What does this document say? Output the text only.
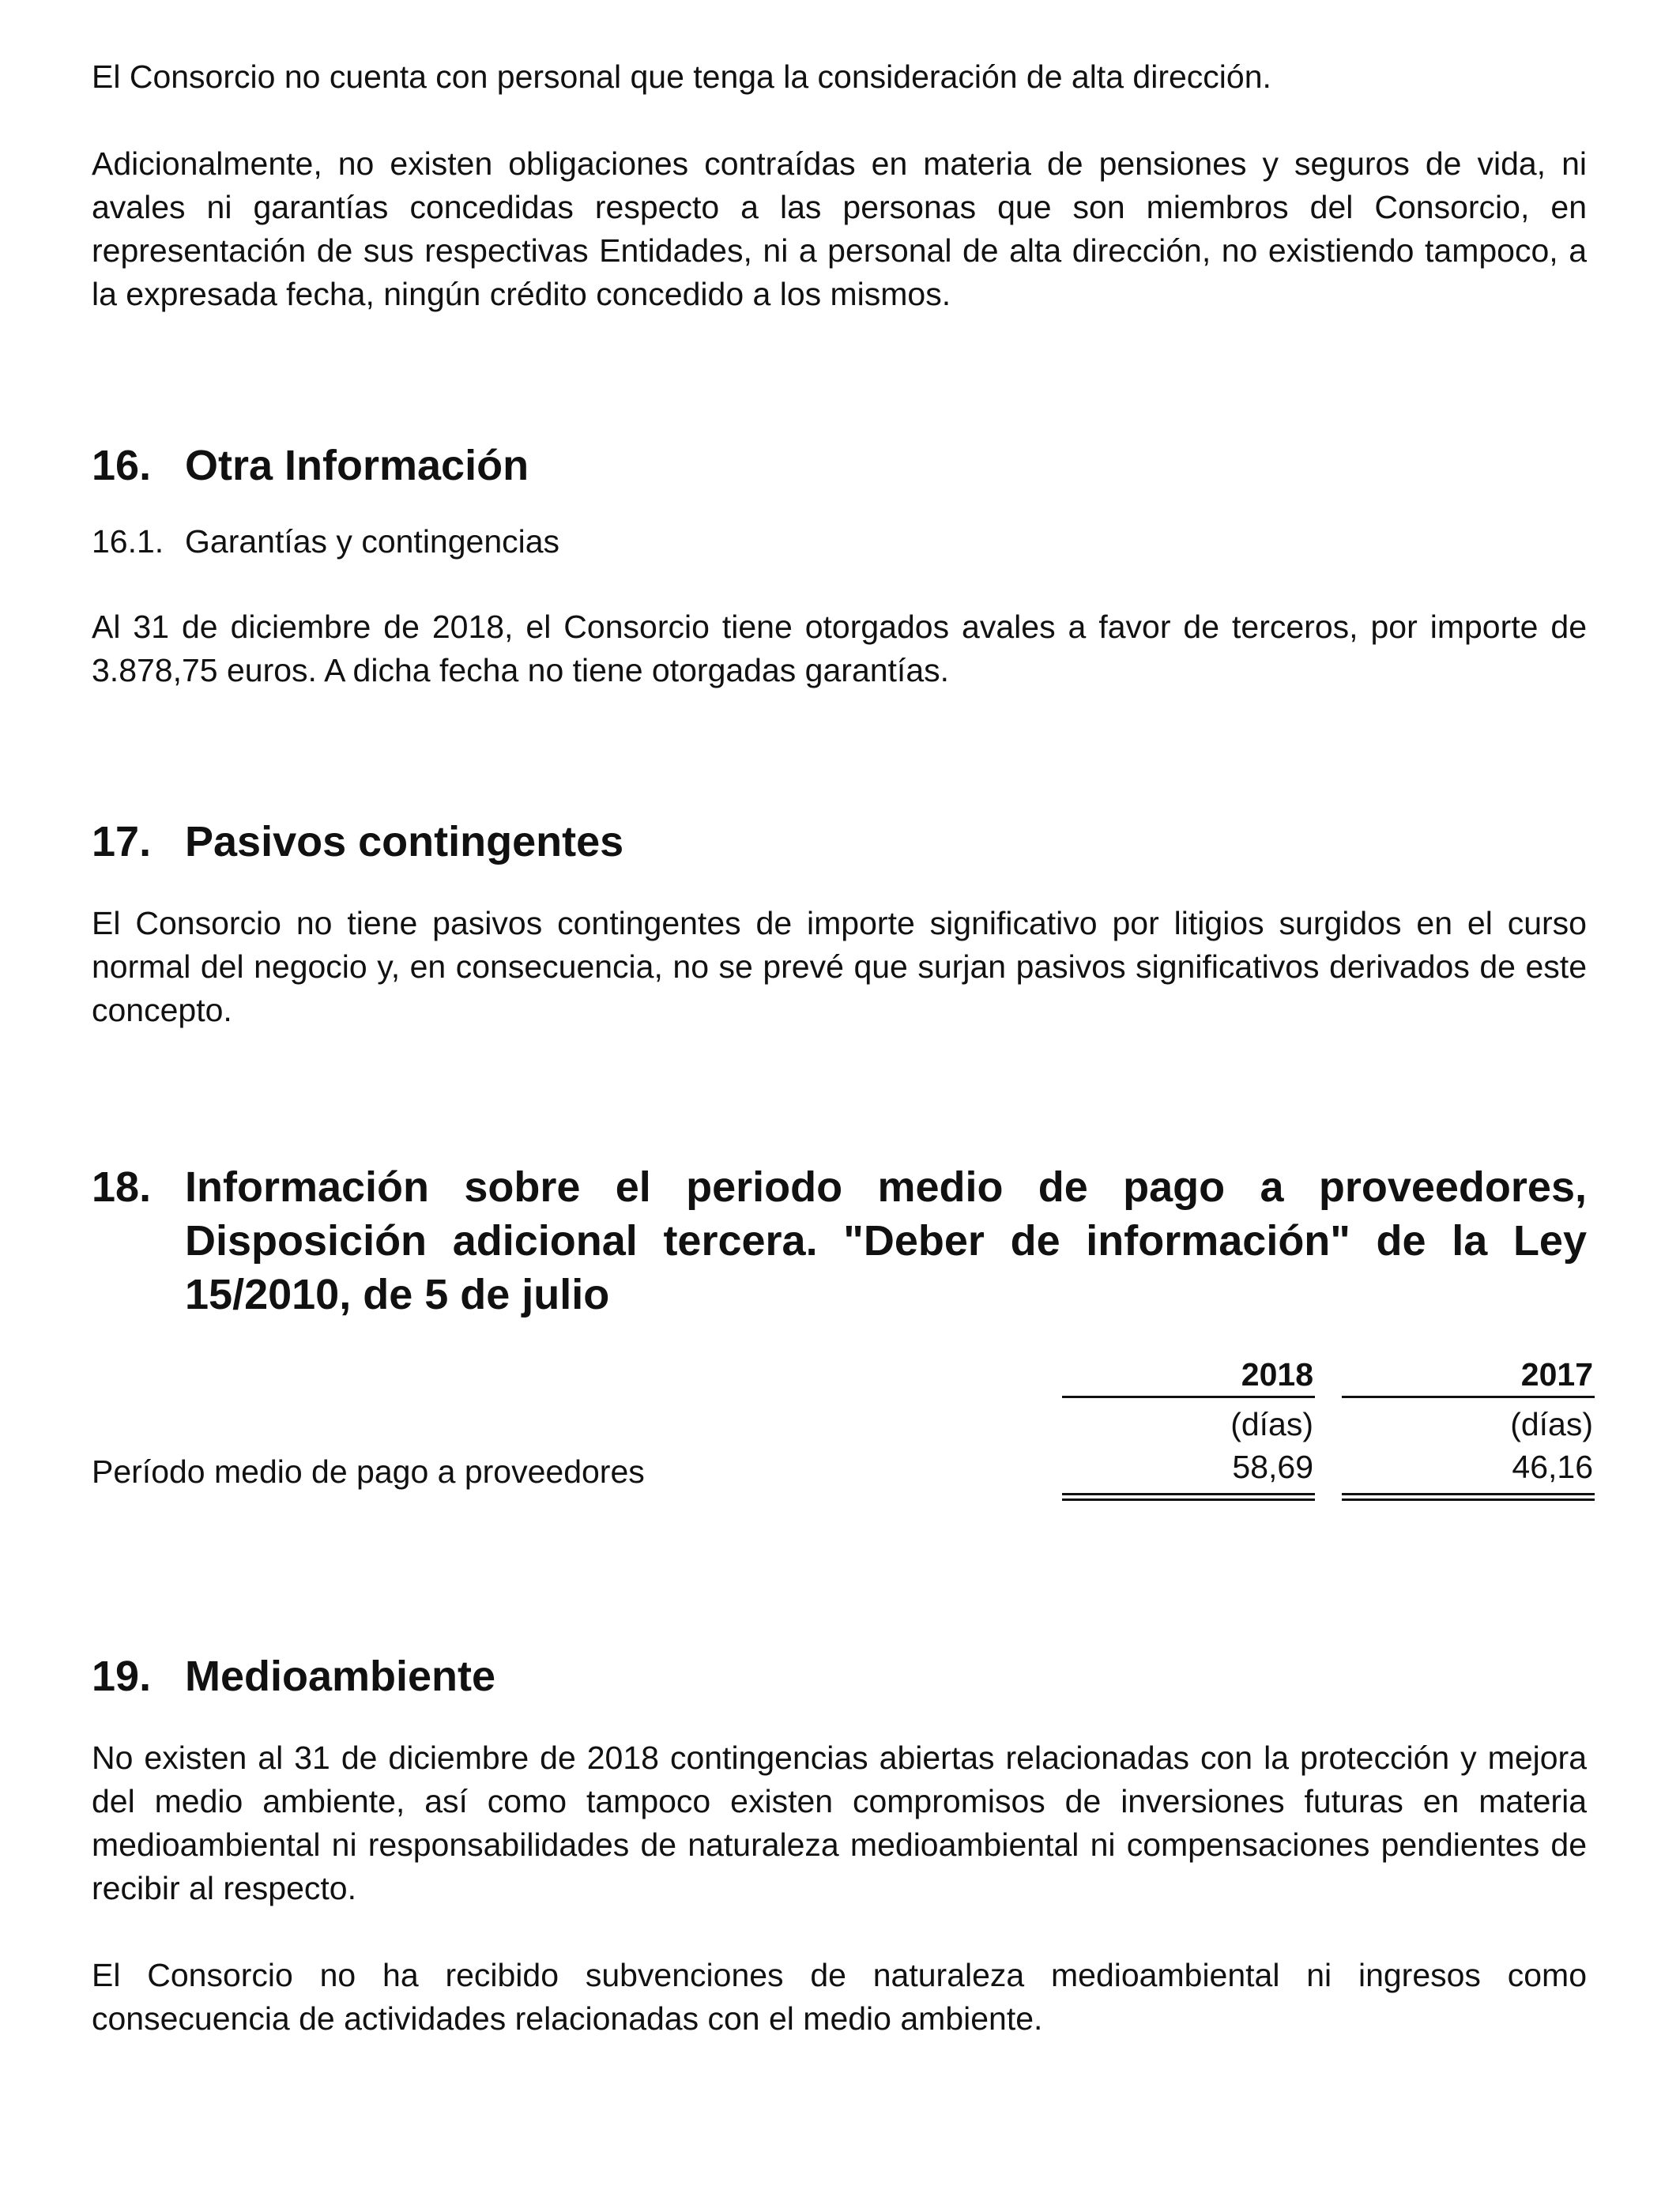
El Consorcio no cuenta con personal que tenga la consideración de alta dirección.

Adicionalmente, no existen obligaciones contraídas en materia de pensiones y seguros de vida, ni avales ni garantías concedidas respecto a las personas que son miembros del Consorcio, en representación de sus respectivas Entidades, ni a personal de alta dirección, no existiendo tampoco, a la expresada fecha, ningún crédito concedido a los mismos.

16. Otra Información
16.1. Garantías y contingencias

Al 31 de diciembre de 2018, el Consorcio tiene otorgados avales a favor de terceros, por importe de 3.878,75 euros. A dicha fecha no tiene otorgadas garantías.

17. Pasivos contingentes

El Consorcio no tiene pasivos contingentes de importe significativo por litigios surgidos en el curso normal del negocio y, en consecuencia, no se prevé que surjan pasivos significativos derivados de este concepto.

18. Información sobre el periodo medio de pago a proveedores, Disposición adicional tercera. "Deber de información" de la Ley 15/2010, de 5 de julio
2018
(días)
58,69
2017
(días)
46,16
Período medio de pago a proveedores
19. Medioambiente

No existen al 31 de diciembre de 2018 contingencias abiertas relacionadas con la protección y mejora del medio ambiente, así como tampoco existen compromisos de inversiones futuras en materia medioambiental ni responsabilidades de naturaleza medioambiental ni compensaciones pendientes de recibir al respecto.

El Consorcio no ha recibido subvenciones de naturaleza medioambiental ni ingresos como consecuencia de actividades relacionadas con el medio ambiente.
